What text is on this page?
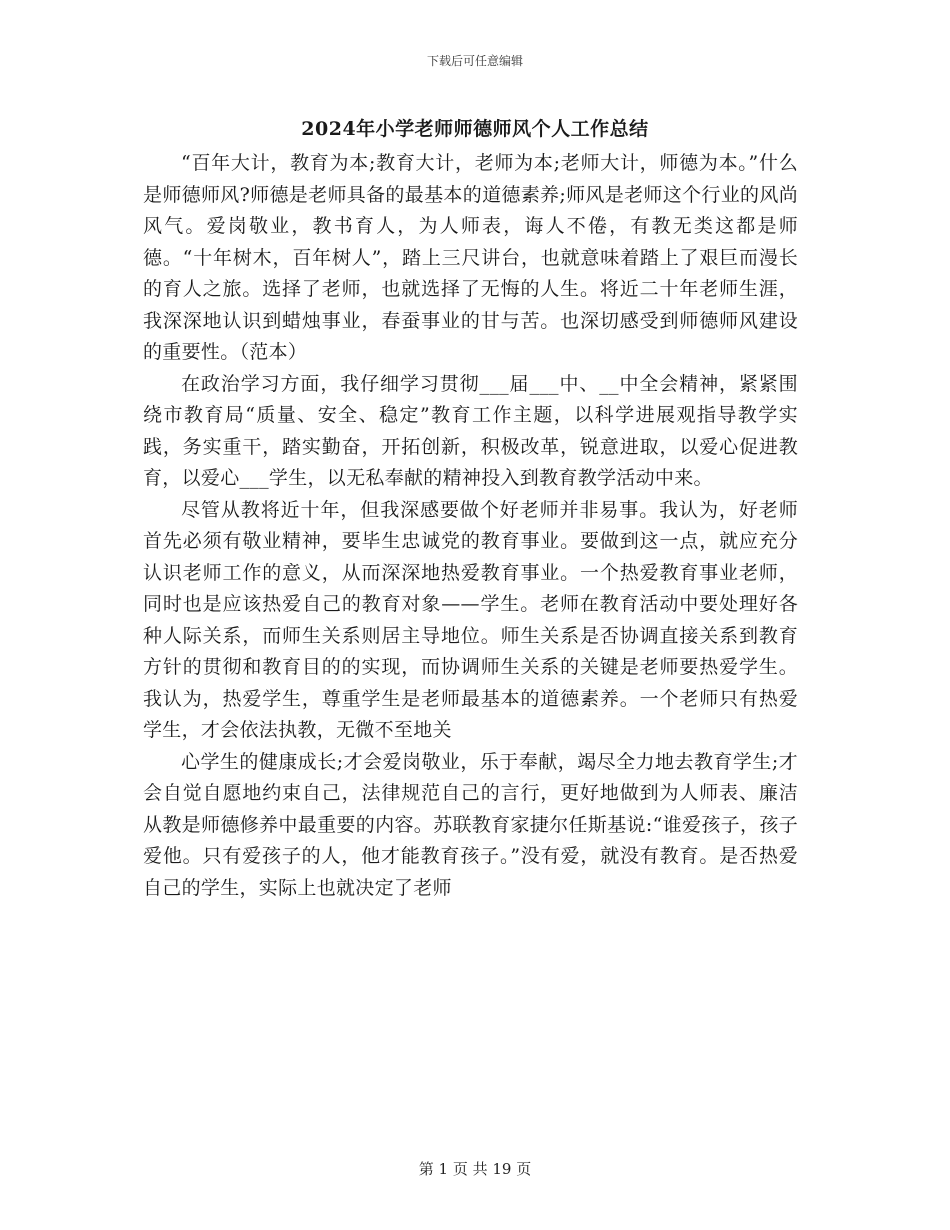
下载后可任意编辑
2024年小学老师师德师风个人工作总结

“百年大计，教育为本;教育大计，老师为本;老师大计，师德为本。”什么是师德师风?师德是老师具备的最基本的道德素养;师风是老师这个行业的风尚风气。爱岗敬业，教书育人，为人师表，诲人不倦，有教无类这都是师德。“十年树木，百年树人”，踏上三尺讲台，也就意味着踏上了艰巨而漫长的育人之旅。选择了老师，也就选择了无悔的人生。将近二十年老师生涯，我深深地认识到蜡烛事业，春蚕事业的甘与苦。也深切感受到师德师风建设的重要性。（范本）

在政治学习方面，我仔细学习贯彻___届___中、__中全会精神，紧紧围绕市教育局“质量、安全、稳定”教育工作主题，以科学进展观指导教学实践，务实重干，踏实勤奋，开拓创新，积极改革，锐意进取，以爱心促进教育，以爱心___学生，以无私奉献的精神投入到教育教学活动中来。

尽管从教将近十年，但我深感要做个好老师并非易事。我认为，好老师首先必须有敬业精神，要毕生忠诚党的教育事业。要做到这一点，就应充分认识老师工作的意义，从而深深地热爱教育事业。一个热爱教育事业老师，同时也是应该热爱自己的教育对象——学生。老师在教育活动中要处理好各种人际关系，而师生关系则居主导地位。师生关系是否协调直接关系到教育方针的贯彻和教育目的的实现，而协调师生关系的关键是老师要热爱学生。我认为，热爱学生，尊重学生是老师最基本的道德素养。一个老师只有热爱学生，才会依法执教，无微不至地关

心学生的健康成长;才会爱岗敬业，乐于奉献，竭尽全力地去教育学生;才会自觉自愿地约束自己，法律规范自己的言行，更好地做到为人师表、廉洁从教是师德修养中最重要的内容。苏联教育家捷尔任斯基说:“谁爱孩子，孩子爱他。只有爱孩子的人，他才能教育孩子。”没有爱，就没有教育。是否热爱自己的学生，实际上也就决定了老师

第 1 页 共 19 页
